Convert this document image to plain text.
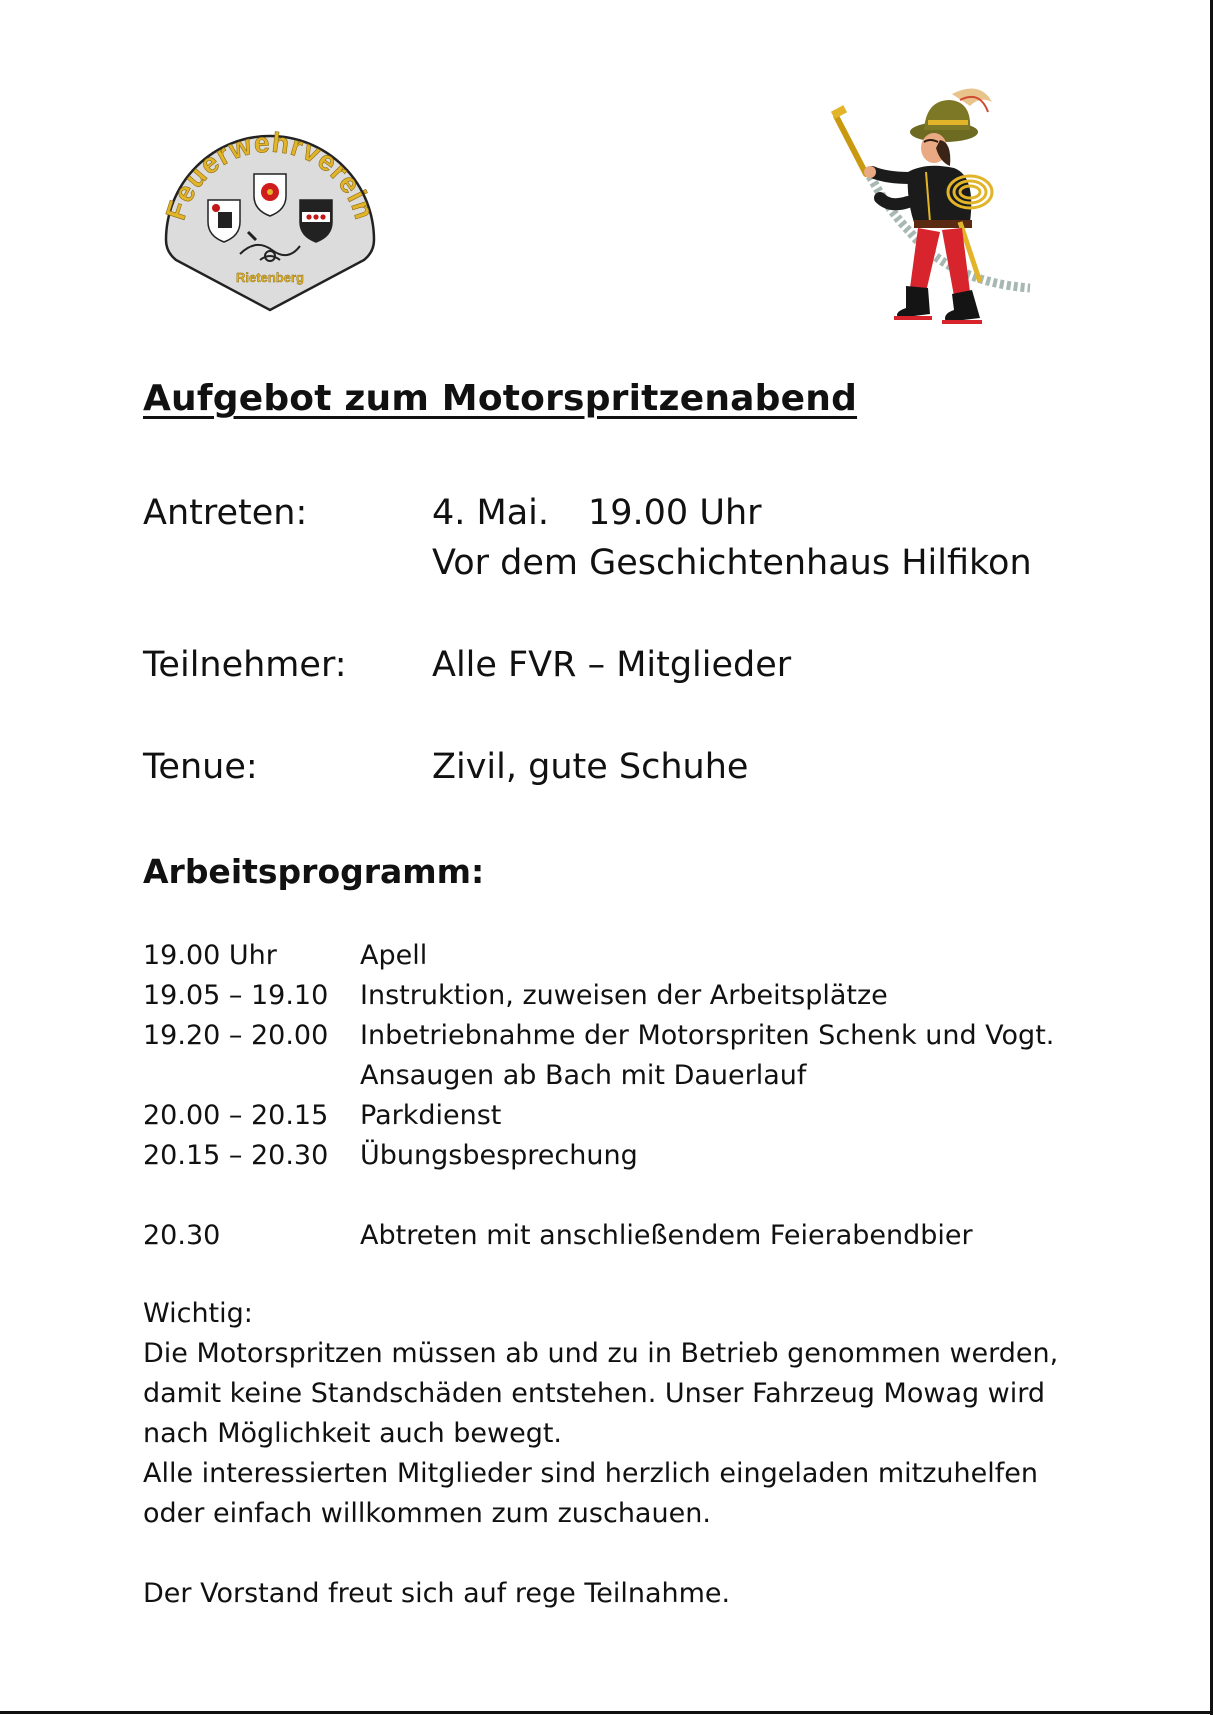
Feuerwehrverein
Rietenberg
Aufgebot zum Motorspritzenabend
Antreten:	4. Mai. 19.00 Uhr
Vor dem Geschichtenhaus Hilfikon
Teilnehmer: Alle FVR – Mitglieder
Tenue:	Zivil, gute Schuhe
Arbeitsprogramm:
19.00 Uhr	Apell
19.05 – 19.10 Instruktion, zuweisen der Arbeitsplätze
19.20 – 20.00 Inbetriebnahme der Motorspriten Schenk und Vogt.
Ansaugen ab Bach mit Dauerlauf
20.00 – 20.15 Parkdienst
20.15 – 20.30 Übungsbesprechung
20.30	Abtreten mit anschließendem Feierabendbier
Wichtig:
Die Motorspritzen müssen ab und zu in Betrieb genommen werden,
damit keine Standschäden entstehen. Unser Fahrzeug Mowag wird
nach Möglichkeit auch bewegt.
Alle interessierten Mitglieder sind herzlich eingeladen mitzuhelfen
oder einfach willkommen zum zuschauen.
Der Vorstand freut sich auf rege Teilnahme.
